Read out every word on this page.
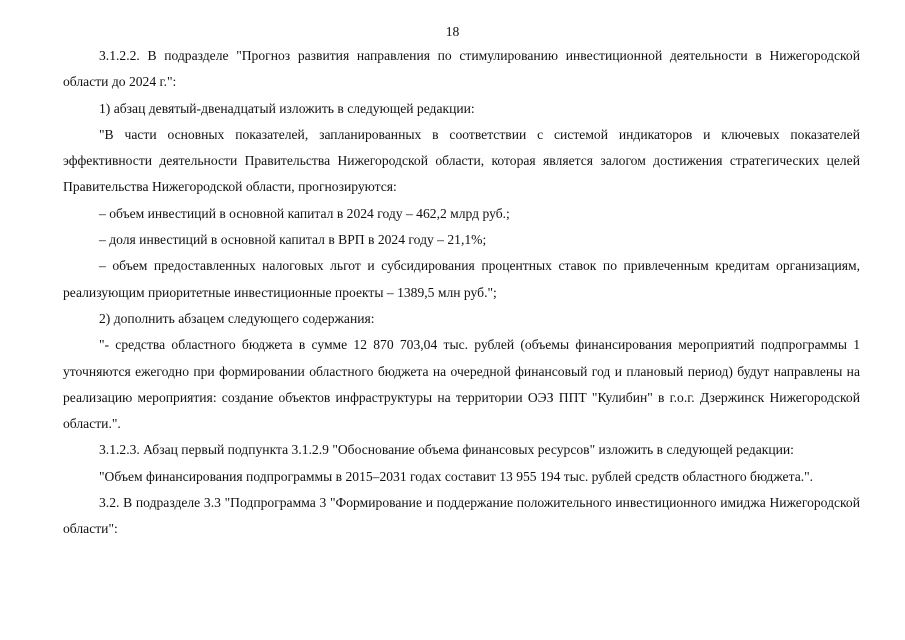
18

3.1.2.2. В подразделе "Прогноз развития направления по стимулированию инвестиционной деятельности в Нижегородской области до 2024 г.":

1) абзац девятый-двенадцатый изложить в следующей редакции:

"В части основных показателей, запланированных в соответствии с системой индикаторов и ключевых показателей эффективности деятельности Правительства Нижегородской области, которая является залогом достижения стратегических целей Правительства Нижегородской области, прогнозируются:

– объем инвестиций в основной капитал в 2024 году – 462,2 млрд руб.;

– доля инвестиций в основной капитал в ВРП в 2024 году – 21,1%;

– объем предоставленных налоговых льгот и субсидирования процентных ставок по привлеченным кредитам организациям, реализующим приоритетные инвестиционные проекты – 1389,5 млн руб.";

2) дополнить абзацем следующего содержания:

"- средства областного бюджета в сумме 12 870 703,04 тыс. рублей (объемы финансирования мероприятий подпрограммы 1 уточняются ежегодно при формировании областного бюджета на очередной финансовый год и плановый период) будут направлены на реализацию мероприятия: создание объектов инфраструктуры на территории ОЭЗ ППТ "Кулибин" в г.о.г. Дзержинск Нижегородской области.".

3.1.2.3. Абзац первый подпункта 3.1.2.9 "Обоснование объема финансовых ресурсов" изложить в следующей редакции:

"Объем финансирования подпрограммы в 2015–2031 годах составит 13 955 194 тыс. рублей средств областного бюджета.".

3.2. В подразделе 3.3 "Подпрограмма 3 "Формирование и поддержание положительного инвестиционного имиджа Нижегородской области":
